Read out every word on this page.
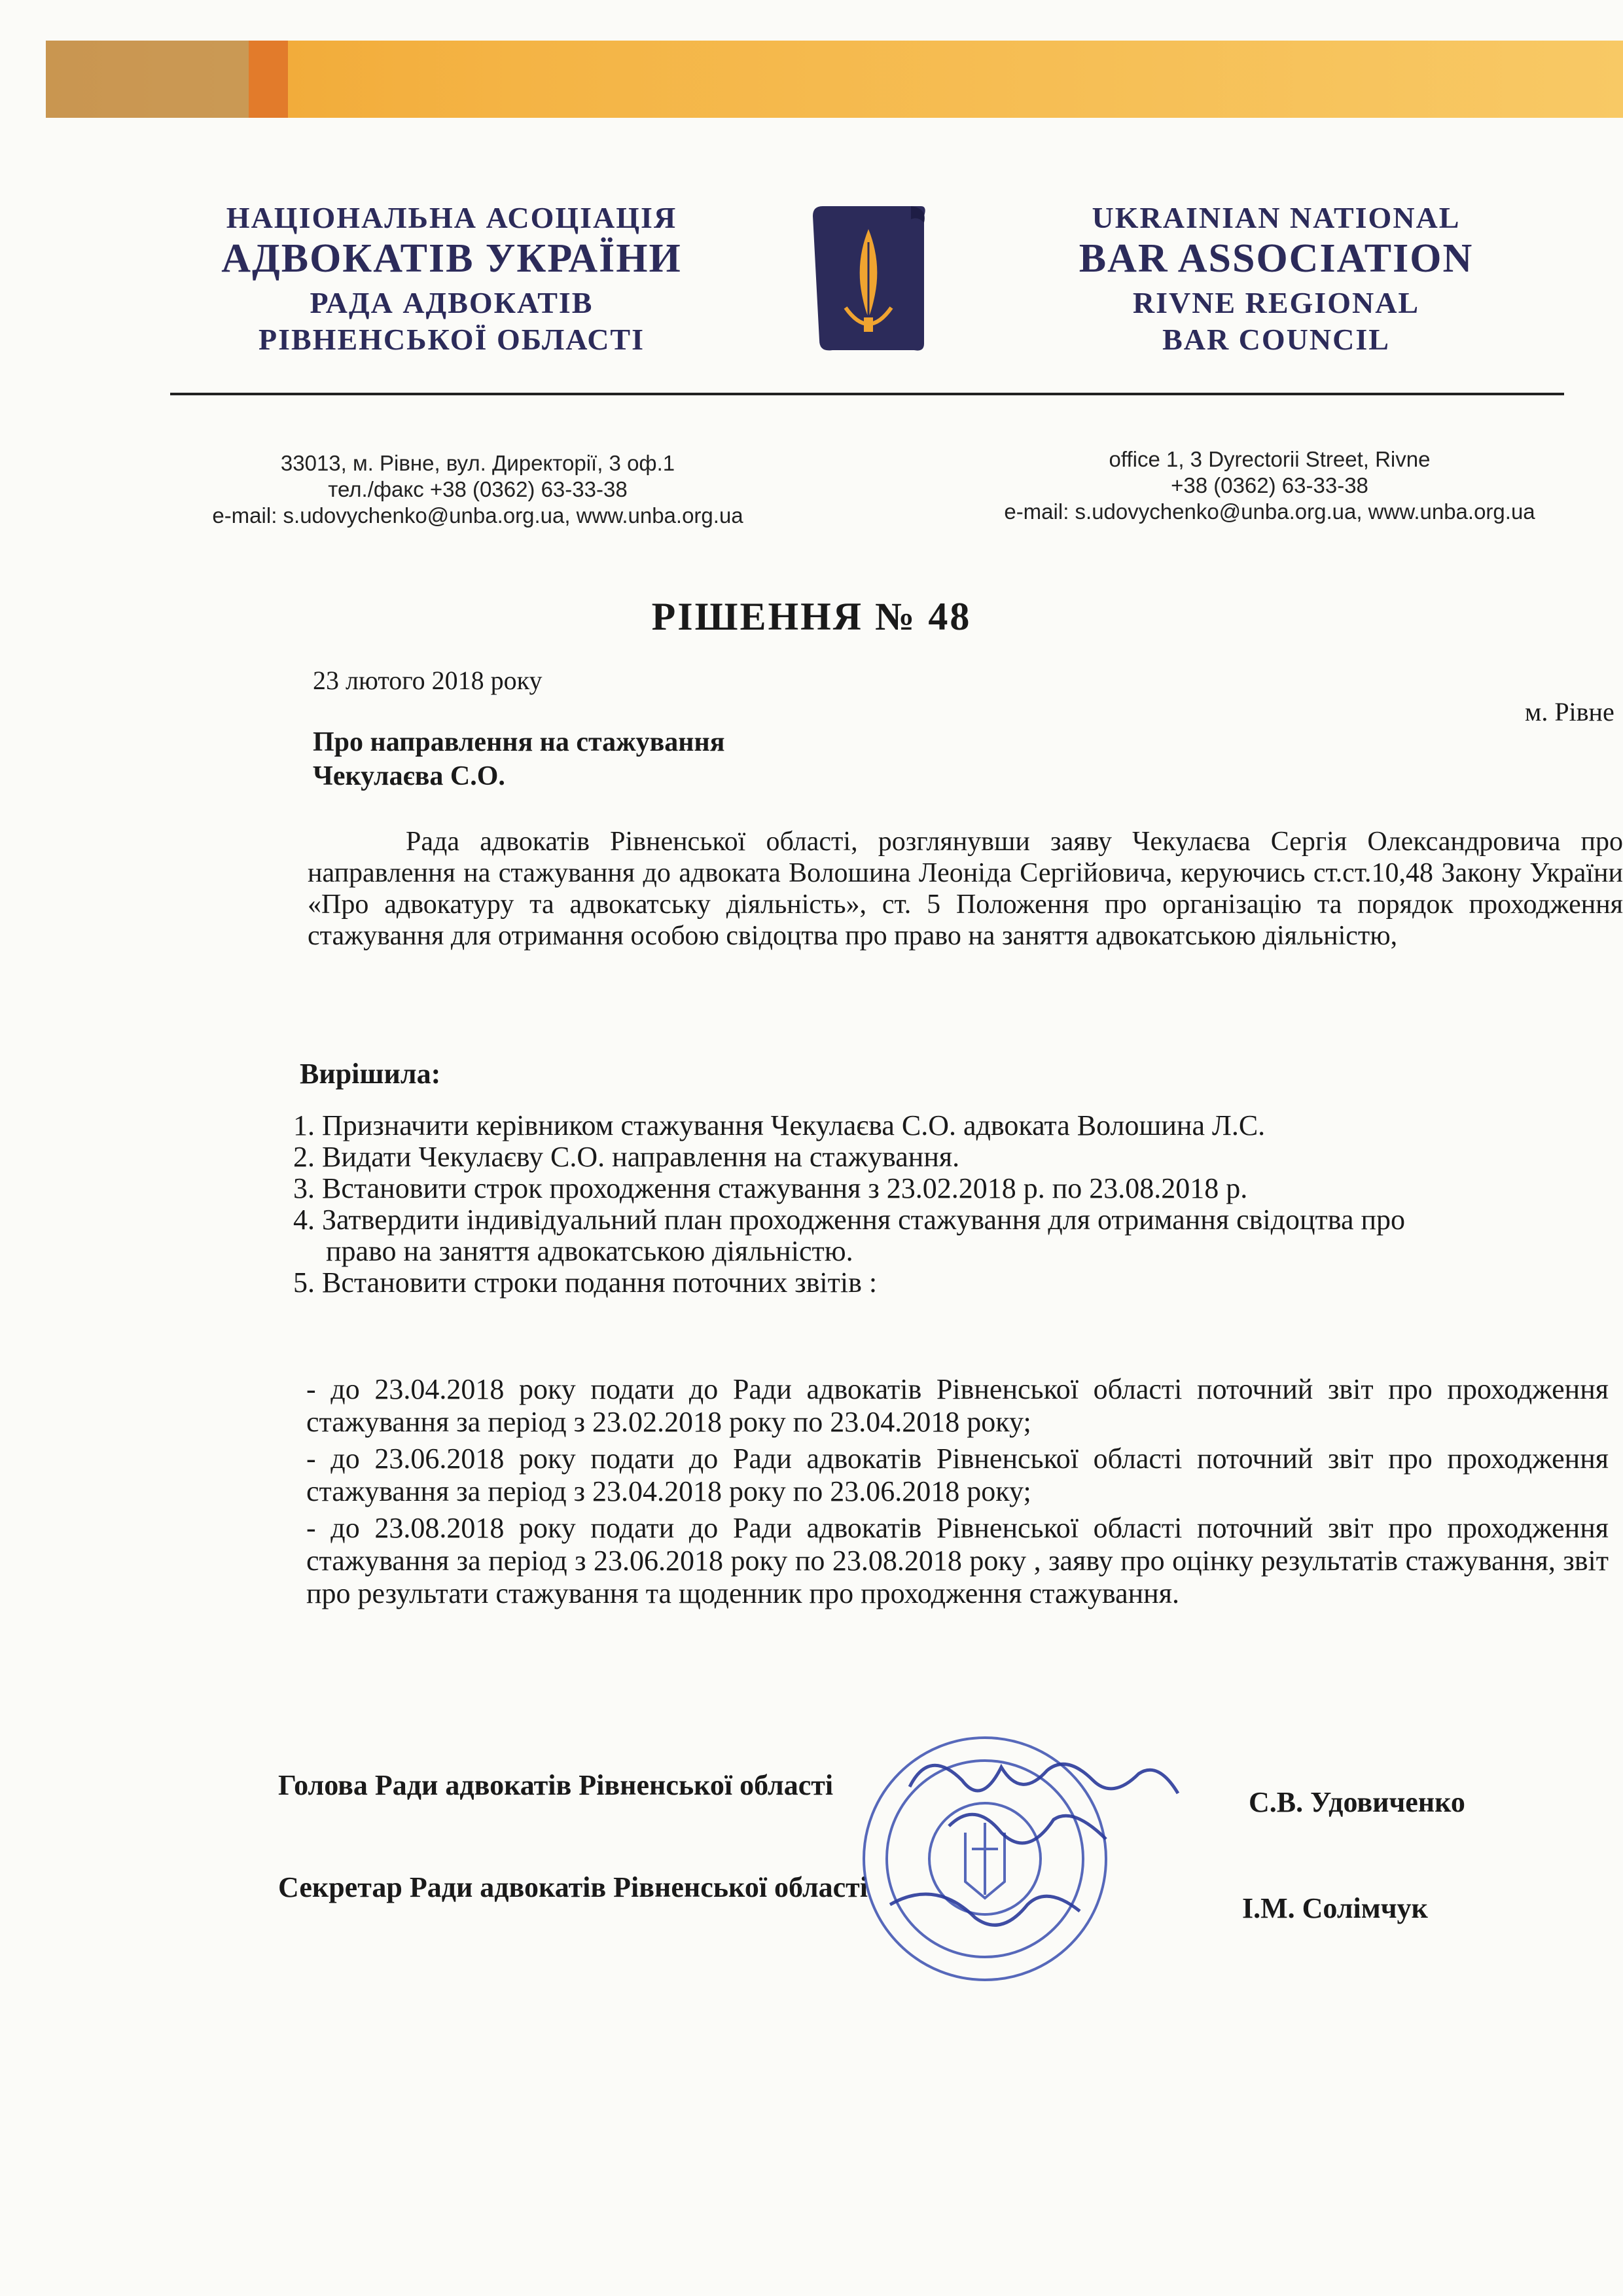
НАЦІОНАЛЬНА АСОЦІАЦІЯ
АДВОКАТІВ УКРАЇНИ
РАДА АДВОКАТІВ
РІВНЕНСЬКОЇ ОБЛАСТІ
UKRAINIAN NATIONAL
BAR ASSOCIATION
RIVNE REGIONAL
BAR COUNCIL
33013, м. Рівне, вул. Директорії, 3 оф.1
тел./факс +38 (0362) 63-33-38
e-mail: s.udovychenko@unba.org.ua, www.unba.org.ua
office 1, 3 Dyrectorii Street, Rivne
+38 (0362) 63-33-38
e-mail: s.udovychenko@unba.org.ua, www.unba.org.ua
РІШЕННЯ № 48
23 лютого 2018 року
м. Рівне
Про направлення на стажування
Чекулаєва С.О.

Рада адвокатів Рівненської області, розглянувши заяву Чекулаєва Сергія Олександровича про направлення на стажування до адвоката Волошина Леоніда Сергійовича, керуючись ст.ст.10,48 Закону України «Про адвокатуру та адвокатську діяльність», ст. 5 Положення про організацію та порядок проходження стажування для отримання особою свідоцтва про право на заняття адвокатською діяльністю,

Вирішила:
1. Призначити керівником стажування Чекулаєва С.О. адвоката Волошина Л.С.
2. Видати Чекулаєву С.О. направлення на стажування.
3. Встановити строк проходження стажування з 23.02.2018 р. по 23.08.2018 р.
4. Затвердити індивідуальний план проходження стажування для отримання свідоцтва про
право на заняття адвокатською діяльністю.
5. Встановити строки подання поточних звітів :

- до 23.04.2018 року подати до Ради адвокатів Рівненської області поточний звіт про проходження стажування за період з 23.02.2018 року по 23.04.2018 року;

- до 23.06.2018 року подати до Ради адвокатів Рівненської області поточний звіт про проходження стажування за період з 23.04.2018 року по 23.06.2018 року;

- до 23.08.2018 року подати до Ради адвокатів Рівненської області поточний звіт про проходження стажування за період з 23.06.2018 року по 23.08.2018 року , заяву про оцінку результатів стажування, звіт про результати стажування та щоденник про проходження стажування.

Голова Ради адвокатів Рівненської області
С.В. Удовиченко
Секретар Ради адвокатів Рівненської області
І.М. Солімчук
